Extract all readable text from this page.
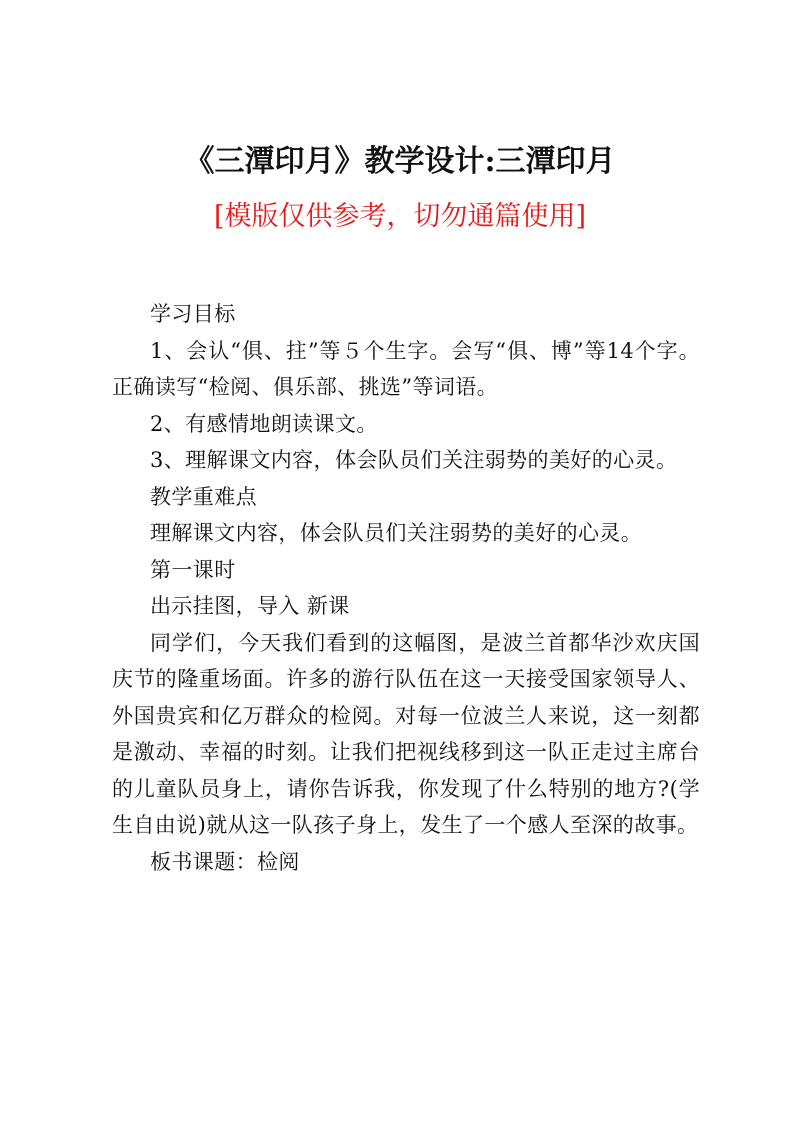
《三潭印月》教学设计:三潭印月
[模版仅供参考，切勿通篇使用]

学习目标

1、会认“俱、拄”等５个生字。会写“俱、博”等14个字。正确读写“检阅、俱乐部、挑选”等词语。

2、有感情地朗读课文。

3、理解课文内容，体会队员们关注弱势的美好的心灵。

教学重难点

理解课文内容，体会队员们关注弱势的美好的心灵。

第一课时

出示挂图，导入 新课

同学们，今天我们看到的这幅图，是波兰首都华沙欢庆国庆节的隆重场面。许多的游行队伍在这一天接受国家领导人、外国贵宾和亿万群众的检阅。对每一位波兰人来说，这一刻都是激动、幸福的时刻。让我们把视线移到这一队正走过主席台的儿童队员身上，请你告诉我，你发现了什么特别的地方?(学生自由说)就从这一队孩子身上，发生了一个感人至深的故事。

板书课题：检阅
